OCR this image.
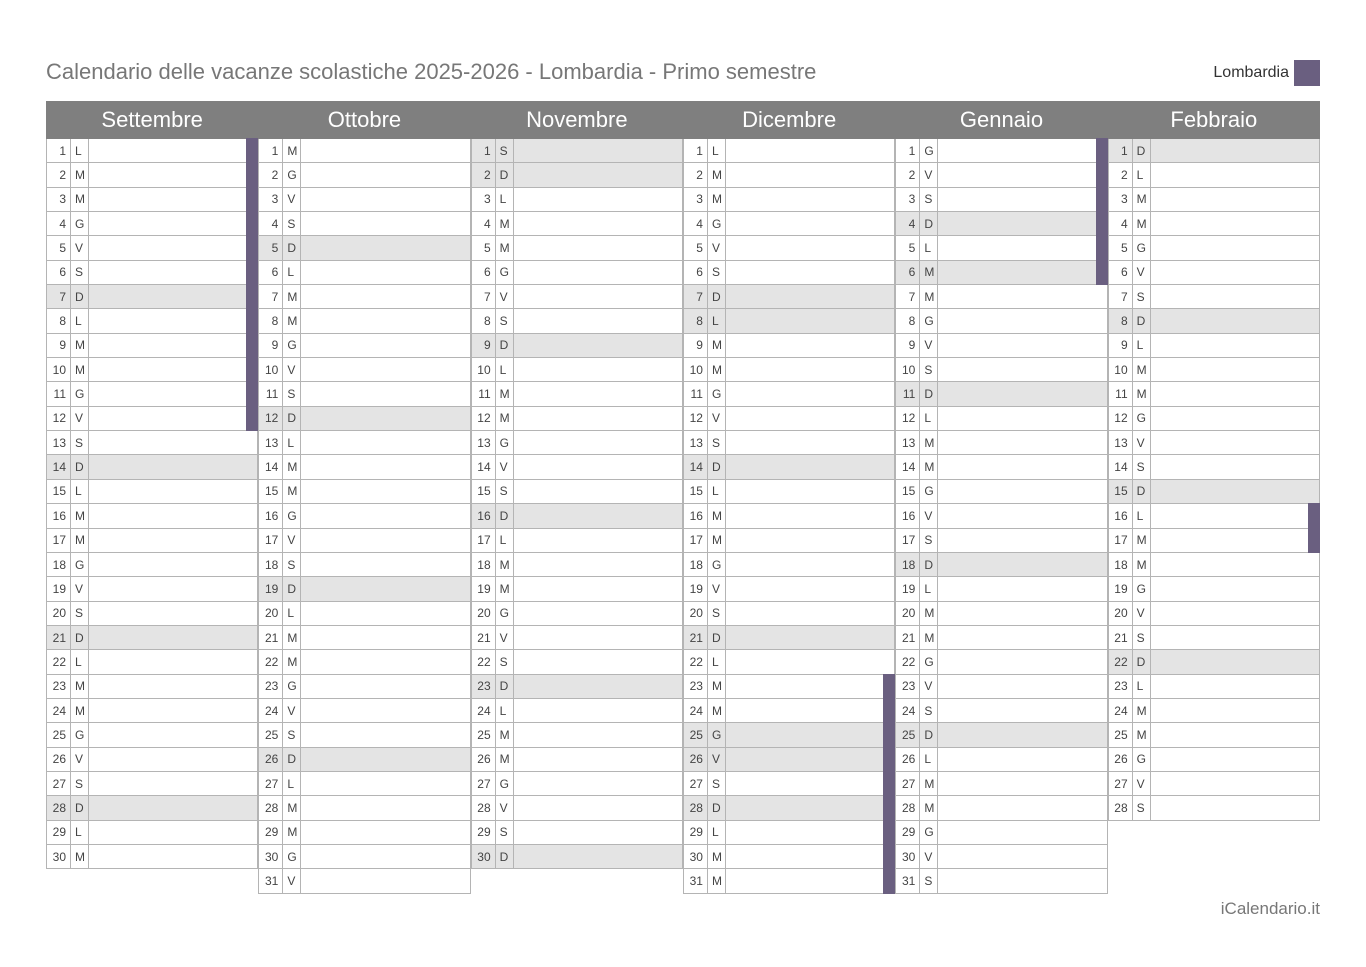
Calendario delle vacanze scolastiche 2025-2026 - Lombardia - Primo semestre	Lombardia
Settembre
1 L
2 M
3 M
4 G
5 V
6 S
7 D
8 L
9 M
10 M
11 G
12 V
13 S
14 D
15 L
16 M
17 M
18 G
19 V
20 S
21 D
22 L
23 M
24 M
25 G
26 V
27 S
28 D
29 L
30 M
Ottobre
1 M
2 G
3 V
4 S
5 D
6 L
7 M
8 M
9 G
10 V
11 S
12 D
13 L
14 M
15 M
16 G
17 V
18 S
19 D
20 L
21 M
22 M
23 G
24 V
25 S
26 D
27 L
28 M
29 M
30 G
31 V
Novembre
1 S
2 D
3 L
4 M
5 M
6 G
7 V
8 S
9 D
10 L
11 M
12 M
13 G
14 V
15 S
16 D
17 L
18 M
19 M
20 G
21 V
22 S
23 D
24 L
25 M
26 M
27 G
28 V
29 S
30 D
Dicembre
1 L
2 M
3 M
4 G
5 V
6 S
7 D
8 L
9 M
10 M
11 G
12 V
13 S
14 D
15 L
16 M
17 M
18 G
19 V
20 S
21 D
22 L
23 M
24 M
25 G
26 V
27 S
28 D
29 L
30 M
31 M
Gennaio
1 G
2 V
3 S
4 D
5 L
6 M
7 M
8 G
9 V
10 S
11 D
12 L
13 M
14 M
15 G
16 V
17 S
18 D
19 L
20 M
21 M
22 G
23 V
24 S
25 D
26 L
27 M
28 M
29 G
30 V
31 S
Febbraio
1 D
2 L
3 M
4 M
5 G
6 V
7 S
8 D
9 L
10 M
11 M
12 G
13 V
14 S
15 D
16 L
17 M
18 M
19 G
20 V
21 S
22 D
23 L
24 M
25 M
26 G
27 V
28 S
iCalendario.it
